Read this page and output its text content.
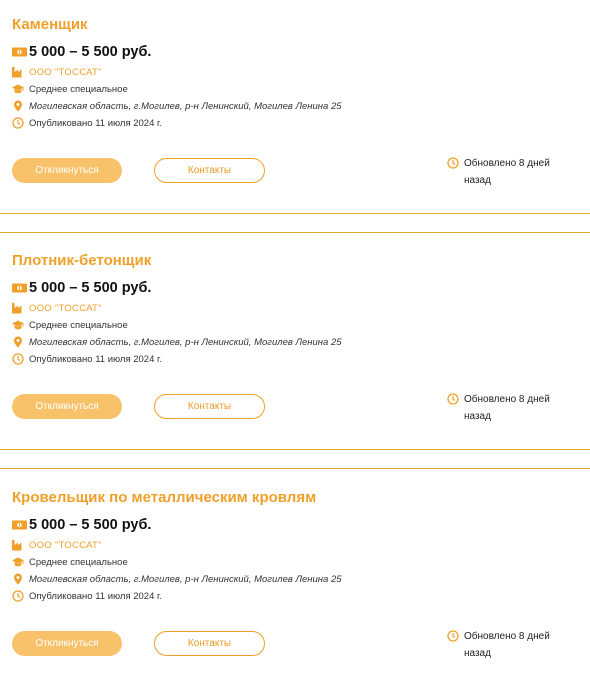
Каменщик
5 000 – 5 500 руб.
ООО "ТОССАТ"
Среднее специальное
Могилевская область, г.Могилев, р-н Ленинский, Могилев Ленина 25
Опубликовано 11 июля 2024 г.
Откликнуться	Контакты
Обновлено 8 дней назад
Плотник-бетонщик
5 000 – 5 500 руб.
ООО "ТОССАТ"
Среднее специальное
Могилевская область, г.Могилев, р-н Ленинский, Могилев Ленина 25
Опубликовано 11 июля 2024 г.
Откликнуться	Контакты
Обновлено 8 дней назад
Кровельщик по металлическим кровлям
5 000 – 5 500 руб.
ООО "ТОССАТ"
Среднее специальное
Могилевская область, г.Могилев, р-н Ленинский, Могилев Ленина 25
Опубликовано 11 июля 2024 г.
Откликнуться	Контакты
Обновлено 8 дней назад
